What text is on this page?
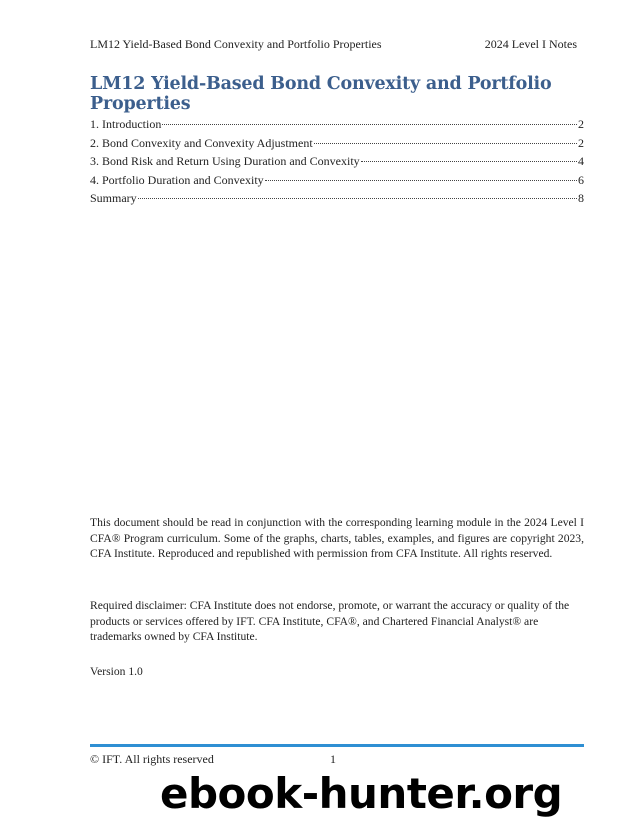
LM12 Yield-Based Bond Convexity and Portfolio Properties	2024 Level I Notes
LM12 Yield-Based Bond Convexity and Portfolio Properties
1. Introduction	2
2. Bond Convexity and Convexity Adjustment	2
3. Bond Risk and Return Using Duration and Convexity	4
4. Portfolio Duration and Convexity	6
Summary	8
This document should be read in conjunction with the corresponding learning module in the 2024 Level I CFA® Program curriculum. Some of the graphs, charts, tables, examples, and figures are copyright 2023, CFA Institute. Reproduced and republished with permission from CFA Institute. All rights reserved.
Required disclaimer: CFA Institute does not endorse, promote, or warrant the accuracy or quality of the products or services offered by IFT. CFA Institute, CFA®, and Chartered Financial Analyst® are trademarks owned by CFA Institute.
Version 1.0
© IFT. All rights reserved	1
ebook-hunter.org
